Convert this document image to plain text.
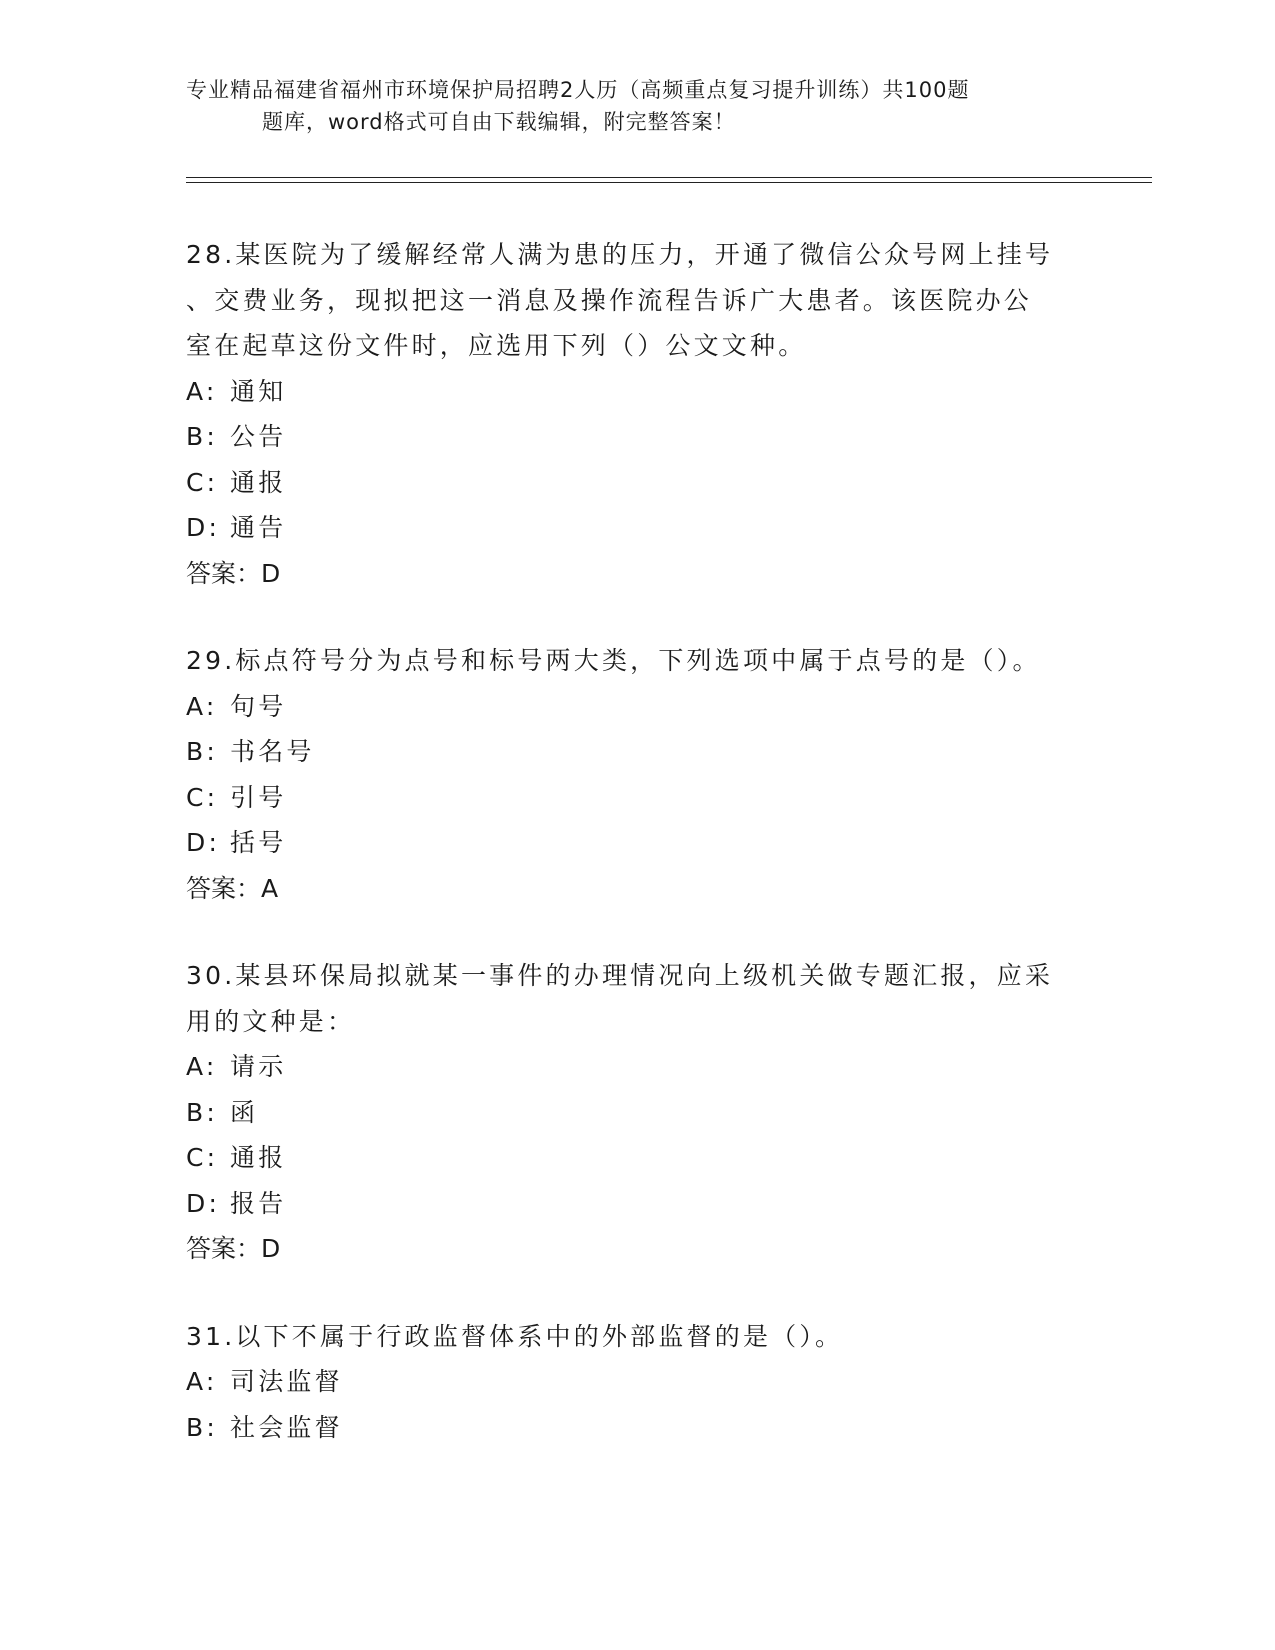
专业精品福建省福州市环境保护局招聘2人历（高频重点复习提升训练）共100题
题库，word格式可自由下载编辑，附完整答案！
28.某医院为了缓解经常人满为患的压力，开通了微信公众号网上挂号
、交费业务，现拟把这一消息及操作流程告诉广大患者。该医院办公
室在起草这份文件时，应选用下列（）公文文种。
A: 通知
B: 公告
C: 通报
D: 通告
答案：D
29.标点符号分为点号和标号两大类，下列选项中属于点号的是（）。
A: 句号
B: 书名号
C: 引号
D: 括号
答案：A
30.某县环保局拟就某一事件的办理情况向上级机关做专题汇报，应采
用的文种是：
A: 请示
B: 函
C: 通报
D: 报告
答案：D
31.以下不属于行政监督体系中的外部监督的是（）。
A: 司法监督
B: 社会监督
